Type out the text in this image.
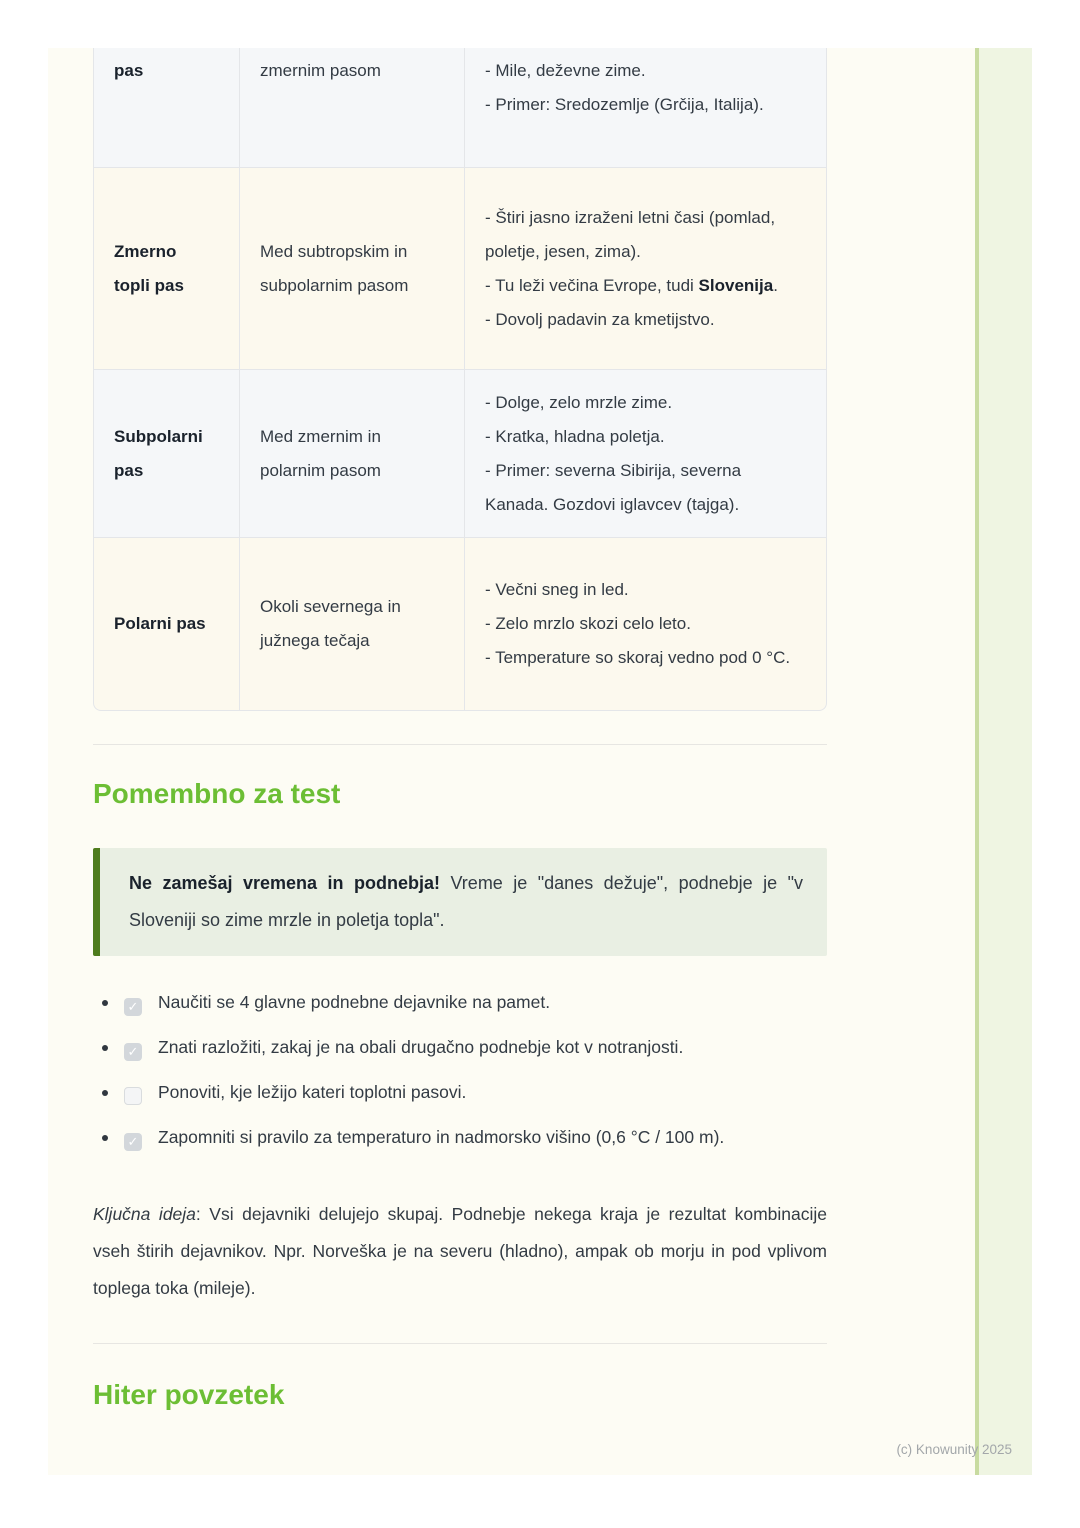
pas	zmernim pasom	- Mile, deževne zime.
- Primer: Sredozemlje (Grčija, Italija).

Zmerno topli pas	Med subtropskim in subpolarnim pasom	- Štiri jasno izraženi letni časi (pomlad, poletje, jesen, zima).
- Tu leži večina Evrope, tudi Slovenija.
- Dovolj padavin za kmetijstvo.

Subpolarni pas	Med zmernim in polarnim pasom	- Dolge, zelo mrzle zime.
- Kratka, hladna poletja.
- Primer: severna Sibirija, severna Kanada. Gozdovi iglavcev (tajga).

Polarni pas	Okoli severnega in južnega tečaja	- Večni sneg in led.
- Zelo mrzlo skozi celo leto.
- Temperature so skoraj vedno pod 0 °C.
Pomembno za test
Ne zamešaj vremena in podnebja! Vreme je "danes dežuje", podnebje je "v Sloveniji so zime mrzle in poletja topla".
✓ Naučiti se 4 glavne podnebne dejavnike na pamet.
✓ Znati razložiti, zakaj je na obali drugačno podnebje kot v notranjosti.
Ponoviti, kje ležijo kateri toplotni pasovi.
✓ Zapomniti si pravilo za temperaturo in nadmorsko višino (0,6 °C / 100 m).

Ključna ideja: Vsi dejavniki delujejo skupaj. Podnebje nekega kraja je rezultat kombinacije vseh štirih dejavnikov. Npr. Norveška je na severu (hladno), ampak ob morju in pod vplivom toplega toka (mileje).

Hiter povzetek
(c) Knowunity 2025
